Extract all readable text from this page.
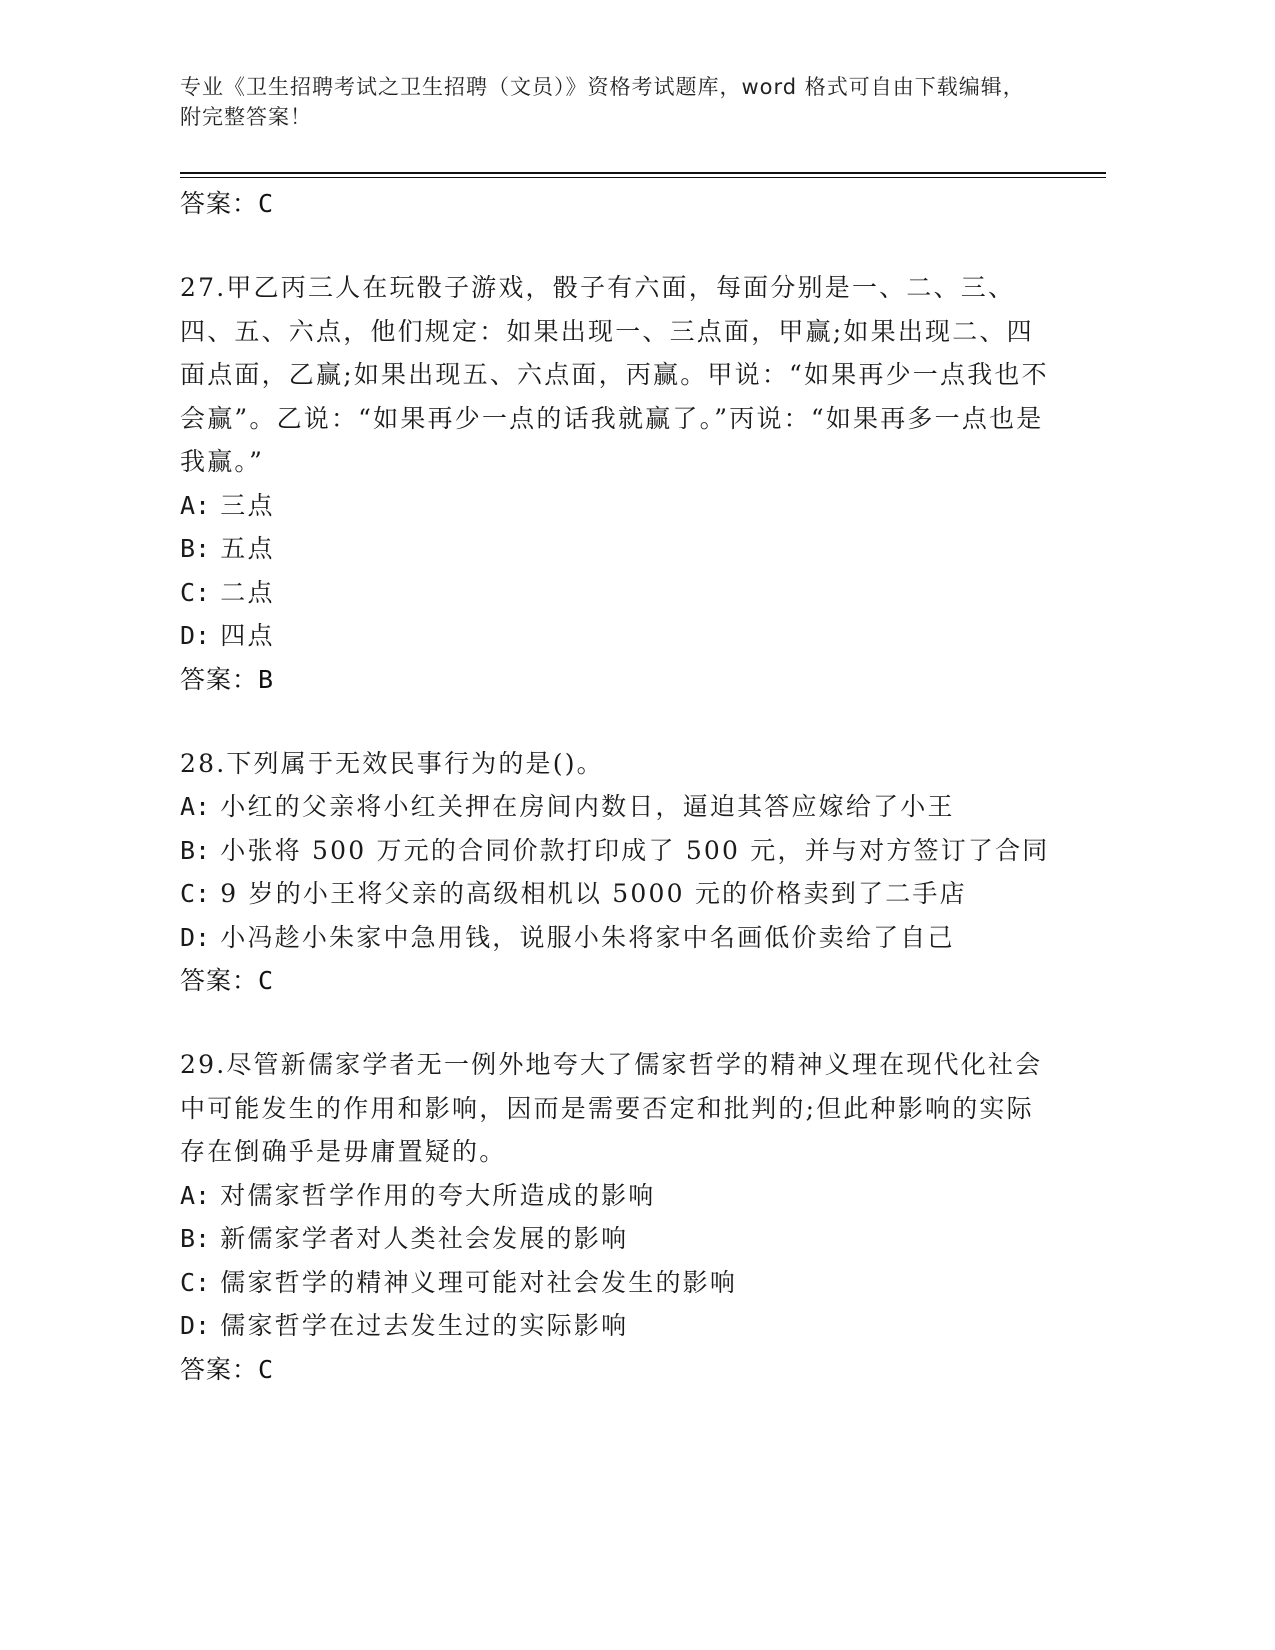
专业《卫生招聘考试之卫生招聘（文员）》资格考试题库，word 格式可自由下载编辑，附完整答案！
答案：C
27.甲乙丙三人在玩骰子游戏，骰子有六面，每面分别是一、二、三、四、五、六点，他们规定：如果出现一、三点面，甲赢;如果出现二、四面点面，乙赢;如果出现五、六点面，丙赢。甲说：“如果再少一点我也不会赢”。乙说：“如果再少一点的话我就赢了。”丙说：“如果再多一点也是我赢。”
A: 三点
B: 五点
C: 二点
D: 四点
答案：B
28.下列属于无效民事行为的是()。
A: 小红的父亲将小红关押在房间内数日，逼迫其答应嫁给了小王
B: 小张将 500 万元的合同价款打印成了 500 元，并与对方签订了合同
C: 9 岁的小王将父亲的高级相机以 5000 元的价格卖到了二手店
D: 小冯趁小朱家中急用钱，说服小朱将家中名画低价卖给了自己
答案：C
29.尽管新儒家学者无一例外地夸大了儒家哲学的精神义理在现代化社会中可能发生的作用和影响，因而是需要否定和批判的;但此种影响的实际存在倒确乎是毋庸置疑的。
A: 对儒家哲学作用的夸大所造成的影响
B: 新儒家学者对人类社会发展的影响
C: 儒家哲学的精神义理可能对社会发生的影响
D: 儒家哲学在过去发生过的实际影响
答案：C
